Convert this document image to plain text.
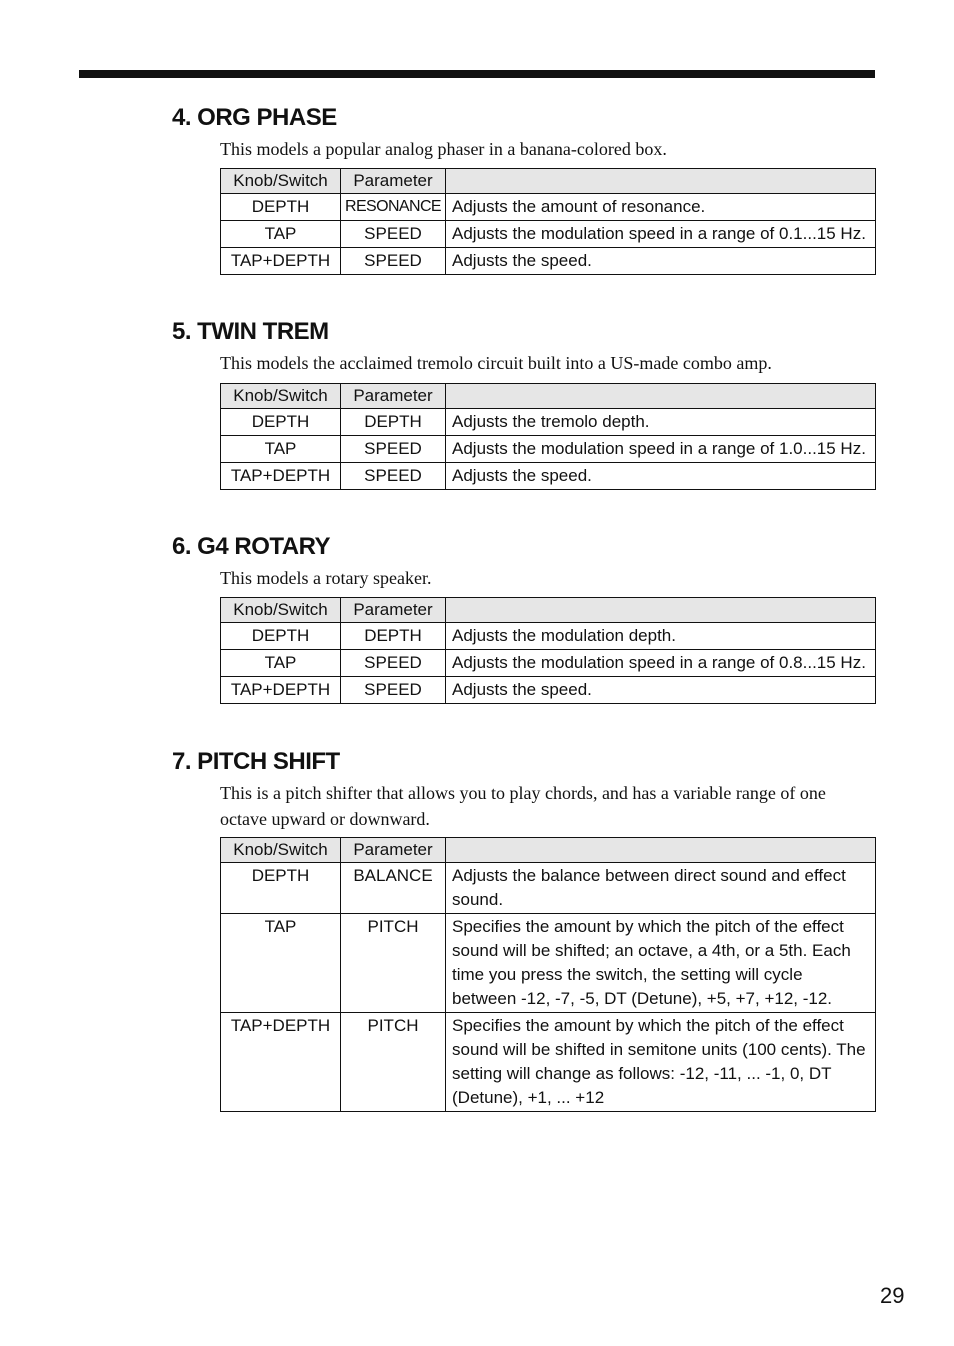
4. ORG PHASE

This models a popular analog phaser in a banana-colored box.

Knob/Switch	Parameter	
DEPTH	RESONANCE	Adjusts the amount of resonance.
TAP	SPEED	Adjusts the modulation speed in a range of 0.1...15 Hz.
TAP+DEPTH	SPEED	Adjusts the speed.
5. TWIN TREM

This models the acclaimed tremolo circuit built into a US-made combo amp.

Knob/Switch	Parameter	
DEPTH	DEPTH	Adjusts the tremolo depth.
TAP	SPEED	Adjusts the modulation speed in a range of 1.0...15 Hz.
TAP+DEPTH	SPEED	Adjusts the speed.
6. G4 ROTARY

This models a rotary speaker.

Knob/Switch	Parameter	
DEPTH	DEPTH	Adjusts the modulation depth.
TAP	SPEED	Adjusts the modulation speed in a range of 0.8...15 Hz.
TAP+DEPTH	SPEED	Adjusts the speed.
7. PITCH SHIFT

This is a pitch shifter that allows you to play chords, and has a variable range of one octave upward or downward.

Knob/Switch	Parameter	
DEPTH	BALANCE	Adjusts the balance between direct sound and effect sound.
TAP	PITCH	Specifies the amount by which the pitch of the effect sound will be shifted; an octave, a 4th, or a 5th. Each time you press the switch, the setting will cycle between -12, -7, -5, DT (Detune), +5, +7, +12, -12.
TAP+DEPTH	PITCH	Specifies the amount by which the pitch of the effect sound will be shifted in semitone units (100 cents). The setting will change as follows: -12, -11, ... -1, 0, DT (Detune), +1, ... +12
29
